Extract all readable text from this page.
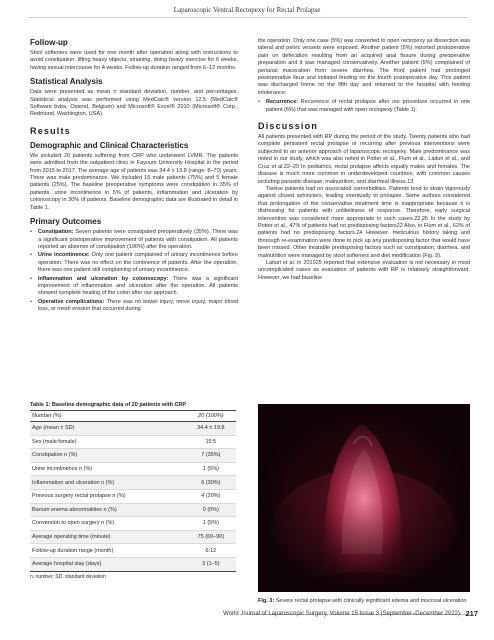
Laparoscopic Ventral Rectopexy for Rectal Prolapse
Follow-up

Stool softeners were used for one month after operation along with instructions to avoid constipation, lifting heavy objects, straining, doing heavy exercise for 6 weeks, having sexual intercourse for 4 weeks. Follow-up duration ranged from 6–12 months.

Statistical Analysis

Data were presented as mean ± standard deviation, number, and percentages. Statistical analysis was performed using MedCalc® version 12.5 (MedCalc® Software bvba, Ostend, Belgium) and Microsoft® Excel® 2010 (Microsoft® Corp., Redmond, Washington, USA).

Results
Demographic and Clinical Characteristics

We included 20 patients suffering from CRP who underwent LVMR. The patients were admitted from the outpatient clinic in Fayoum University Hospital in the period from 2015 to 2017. The average age of patients was 34.4 ± 19.8 (range: 8–70) years. There was male predominance. We included 15 male patients (75%) and 5 female patients (25%). The baseline preoperative symptoms were constipation in 35% of patients, urine incontinence in 5% of patients, inflammation and ulceration by colonoscopy in 30% of patients. Baseline demographic data are illustrated in detail in Table 1.

Primary Outcomes
• Constipation: Seven patients were constipated preoperatively (35%). There was a significant postoperative improvement of patients with constipation. All patients reported an absence of constipation (100%) after the operation.
• Urine incontinence: Only one patient complained of urinary incontinence before operation. There was no effect on the continence of patients. After the operation, there was one patient still complaining of urinary incontinence.
• Inflammation and ulceration by colonoscopy: There was a significant improvement of inflammation and ulceration after the operation. All patients showed complete healing of the colon after our approach.
• Operative complications: There was no bowel injury, nerve injury, major blood loss, or mesh erosion that occurred during

the operation. Only one case (5%) was converted to open rectopexy as dissection was lateral and pelvic vessels were exposed. Another patient (5%) reported postoperative pain on defecation resulting from an acquired anal fissure during preoperative preparation and it was managed conservatively. Another patient (5%) complained of perianal maceration from severe diarrhea. The third patient had prolonged postoperative ileus and initiated feeding on the fourth postoperative day. This patient was discharged home on the fifth day and returned to the hospital with feeding intolerance.

• Recurrence: Recurrence of rectal prolapse after our procedure occurred in one patient (5%) that was managed with open rectopexy (Table 1).
Discussion

All patients presented with RP during the period of the study. Twenty patients who had complete persistent rectal prolapse or recurring after previous interventions were subjected to an anterior approach of laparoscopic rectopexy. Male predominance was noted in our study, which was also noted in Potter et al., Flum et al., Laituri et al., and Cruz et al.22–25 In pediatrics, rectal prolapse affects equally males and females. The disease is much more common in underdeveloped countries, with common causes including parasitic disease, malnutrition, and diarrheal illness.13

Twelve patients had no associated comorbidities. Patients tend to strain vigorously against closed sphincters, leading eventually to prolapse. Some authors considered that prolongation of the conservative treatment time is inappropriate because it is distressing for patients with unlikeliness of response. Therefore, early surgical intervention was considered more appropriate in such cases.22,26 In the study by Potter et al., 47% of patients had no predisposing factors22 Also, in Flum et al., 62% of patients had no predisposing factors.24 However, meticulous history taking and thorough re-examination were done to pick up any predisposing factor that would have been missed. Other treatable predisposing factors such as constipation, diarrhea, and malnutrition were managed by stool softeners and diet modification (Fig. 3).

Laituri et al. in 201025 reported that extensive evaluation is not necessary in most uncomplicated cases as evaluation of patients with RP is relatively straightforward. However, we had baseline

Table 1: Baseline demographic data of 20 patients with CRP
Number (%)	20 (100%)
Age (mean ± SD)	34.4 ± 19.8
Sex (male:female)	15:5
Constipation n (%)	7 (35%)
Urine incontinence n (%)	1 (5%)
Inflammation and ulceration n (%)	6 (30%)
Previous surgery rectal prolapse n (%)	4 (20%)
Barium enema abnormalities n (%)	0 (0%)
Conversion to open surgery n (%)	1 (5%)
Average operating time (minute)	75 (60–90)
Follow-up duration range (month)	6:12
Average hospital stay (days)	3 (1–5)
n, number; SD, standard deviation
Fig. 3: Severe rectal prolapse with clinically significant edema and mucosal ulceration
World Journal of Laparoscopic Surgery, Volume 15 Issue 3 (September–December 2022) 217
